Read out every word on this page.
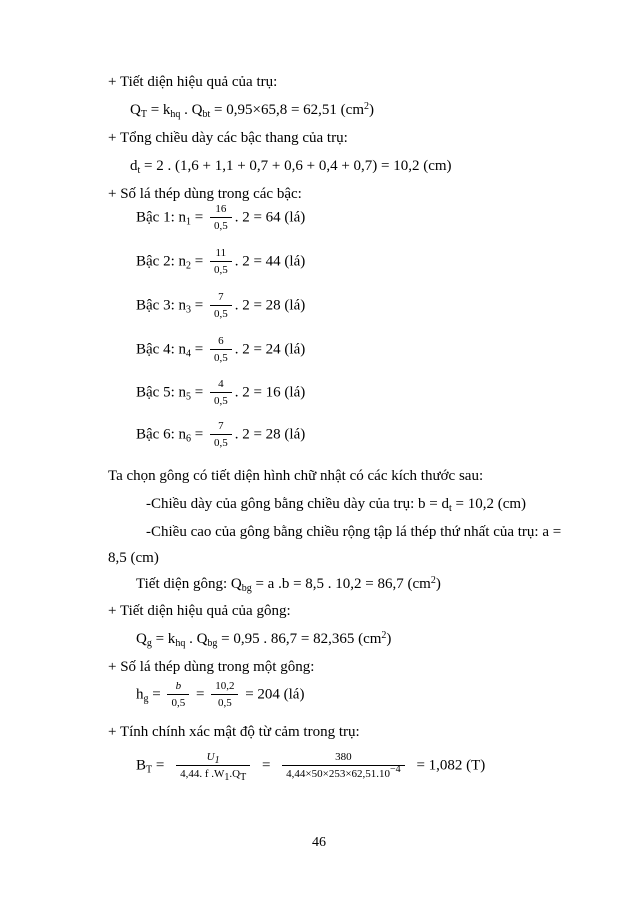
+ Tiết diện hiệu quả của trụ:
$Q_T = k_{hq}$ . $Q_{bt} = 0,95\times 65,8 = 62,51$ $(cm^2)$
+ Tổng chiều dày các bậc thang của trụ:
$d_t = 2$ . (1,6 + 1,1 + 0,7 + 0,6 + 0,4 + 0,7) = 10,2 (cm)
+ Số lá thép dùng trong các bậc:
Bậc 1: $n_1 = \frac{16}{0,5}$ . 2 = 64 (lá)
Bậc 2: $n_2 = \frac{11}{0,5}$ . 2 = 44 (lá)
Bậc 3: $n_3 = \frac{7}{0,5}$ . 2 = 28 (lá)
Bậc 4: $n_4 = \frac{6}{0,5}$ . 2 = 24 (lá)
Bậc 5: $n_5 = \frac{4}{0,5}$ . 2 = 16 (lá)
Bậc 6: $n_6 = \frac{7}{0,5}$ . 2 = 28 (lá)
Ta chọn gông có tiết diện hình chữ nhật có các kích thước sau:
-Chiều dày của gông bằng chiều dày của trụ: $b = d_t = 10,2$ (cm)
-Chiều cao của gông bằng chiều rộng tập lá thép thứ nhất của trụ: a =
8,5 (cm)
Tiết diện gông: $Q_{bg} = a$ .b = 8,5 . 10,2 = 86,7 $(cm^2)$
+ Tiết diện hiệu quả của gông:
$Q_g = k_{hq}$ . $Q_{bg} = 0,95$ . 86,7 = 82,365 $(cm^2)$
+ Số lá thép dùng trong một gông:
$h_g = \frac{b}{0,5} = \frac{10,2}{0,5} = 204$ (lá)
+ Tính chính xác mật độ từ cảm trong trụ:
$B_T = \frac{U_1}{4,44. f .W_1.Q_T} = \frac{380}{4,44\times 50\times 253\times 62,51.10^{-4}} = 1,082$ (T)
46
